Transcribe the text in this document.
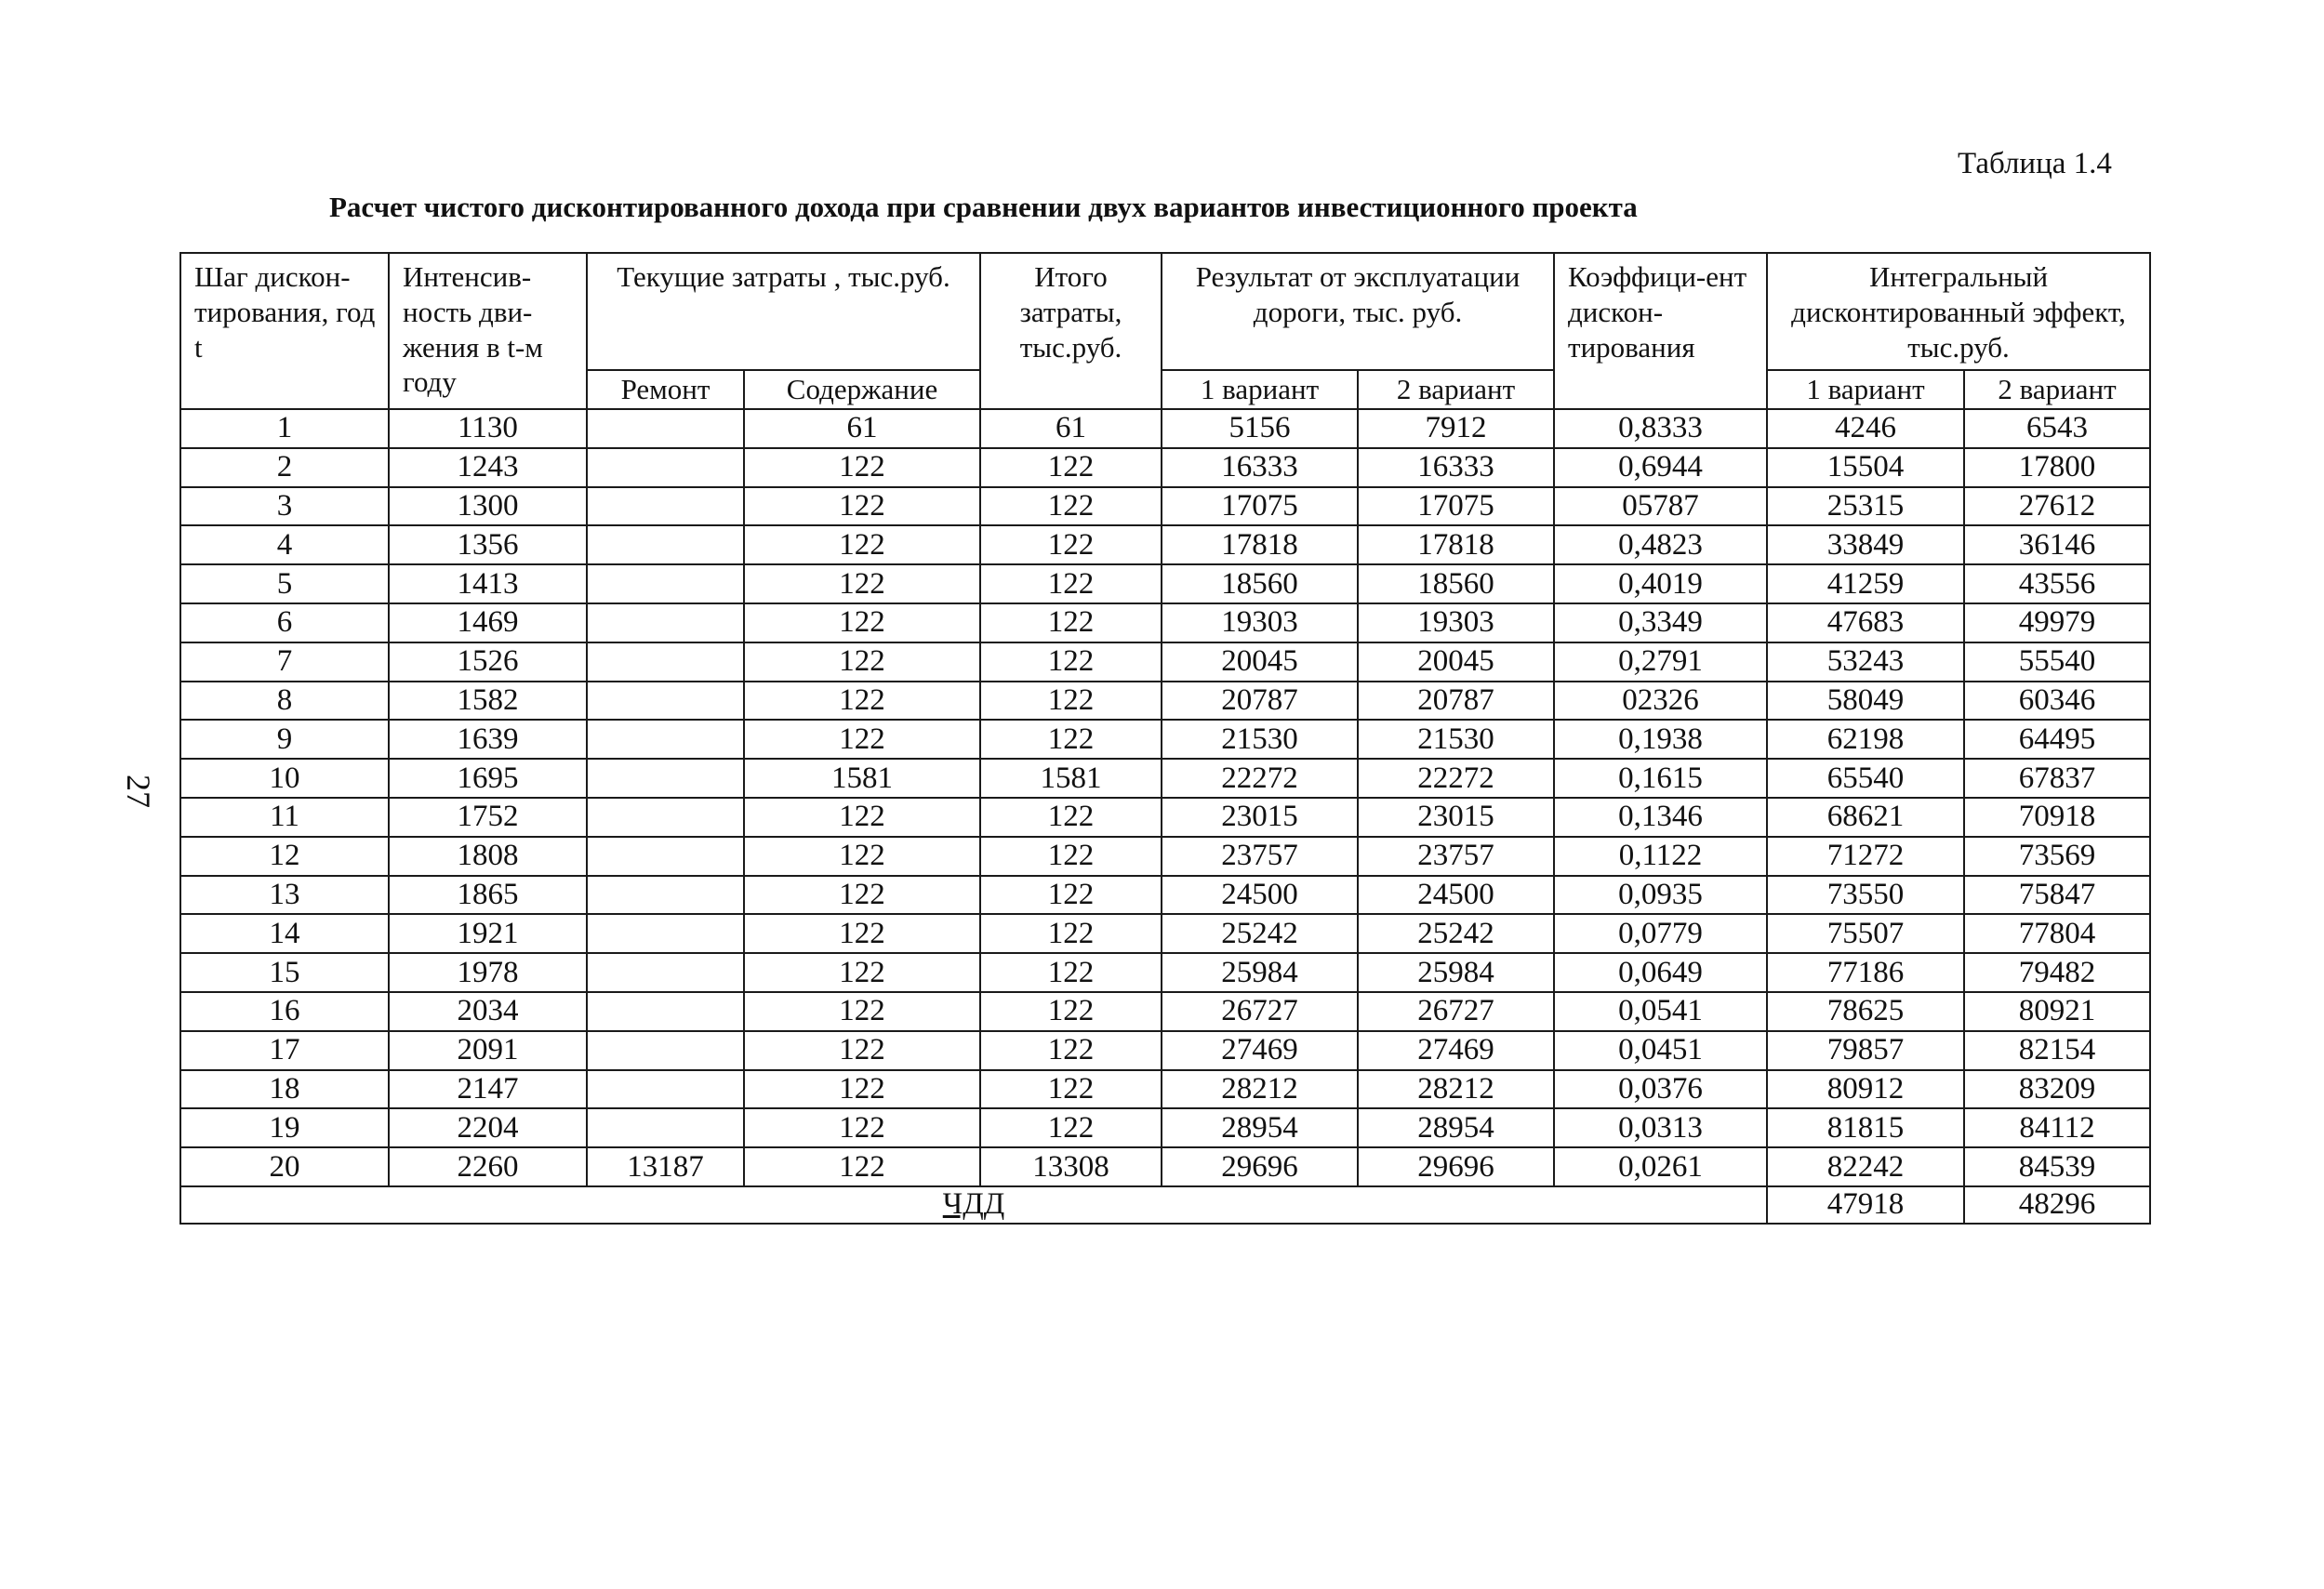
Таблица 1.4
Расчет чистого дисконтированного дохода при сравнении двух вариантов инвестиционного проекта
27
Шаг дискон-тирования, год t	Интенсив-ность дви-жения в t-м году	Текущие затраты , тыс.руб.		Итого затраты, тыс.руб.	Результат от эксплуатации дороги, тыс. руб.		Коэффици-ент дискон-тирования	Интегральный дисконтированный эффект, тыс.руб.	
		Ремонт	Содержание		1 вариант	2 вариант		1 вариант	2 вариант
1	1130		61	61	5156	7912	0,8333	4246	6543
2	1243		122	122	16333	16333	0,6944	15504	17800
3	1300		122	122	17075	17075	05787	25315	27612
4	1356		122	122	17818	17818	0,4823	33849	36146
5	1413		122	122	18560	18560	0,4019	41259	43556
6	1469		122	122	19303	19303	0,3349	47683	49979
7	1526		122	122	20045	20045	0,2791	53243	55540
8	1582		122	122	20787	20787	02326	58049	60346
9	1639		122	122	21530	21530	0,1938	62198	64495
10	1695		1581	1581	22272	22272	0,1615	65540	67837
11	1752		122	122	23015	23015	0,1346	68621	70918
12	1808		122	122	23757	23757	0,1122	71272	73569
13	1865		122	122	24500	24500	0,0935	73550	75847
14	1921		122	122	25242	25242	0,0779	75507	77804
15	1978		122	122	25984	25984	0,0649	77186	79482
16	2034		122	122	26727	26727	0,0541	78625	80921
17	2091		122	122	27469	27469	0,0451	79857	82154
18	2147		122	122	28212	28212	0,0376	80912	83209
19	2204		122	122	28954	28954	0,0313	81815	84112
20	2260	13187	122	13308	29696	29696	0,0261	82242	84539
ЧДД								47918	48296
